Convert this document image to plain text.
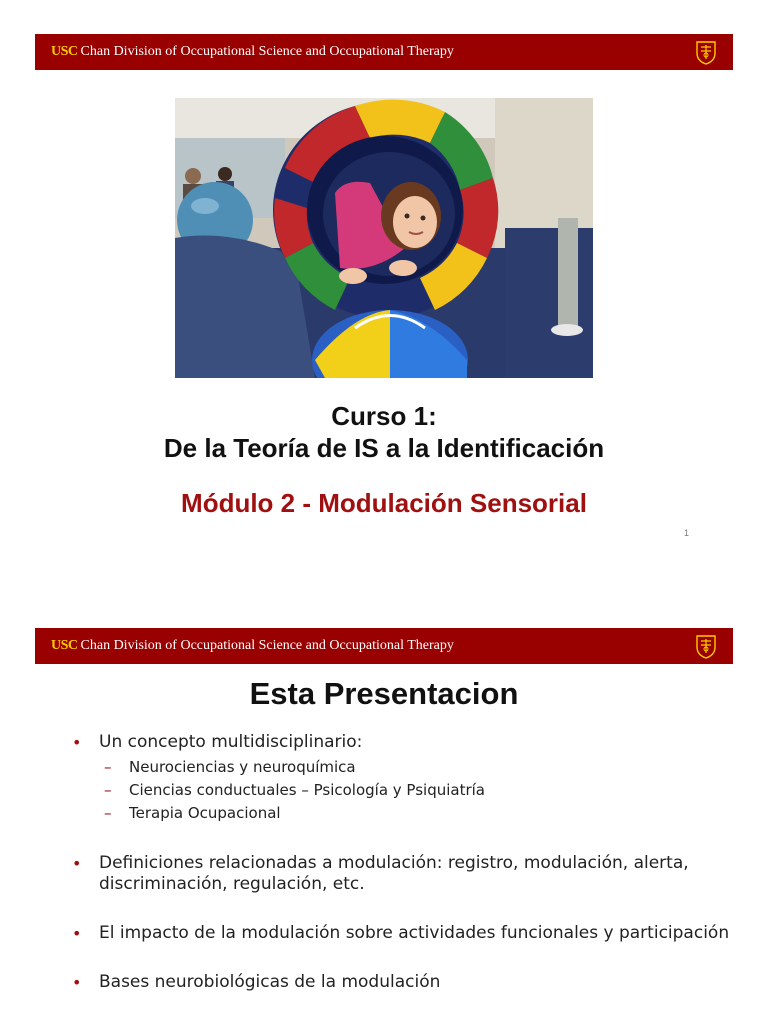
USC Chan Division of Occupational Science and Occupational Therapy
Curso 1:
De la Teoría de IS a la Identificación
Módulo 2 - Modulación Sensorial
1
USC Chan Division of Occupational Science and Occupational Therapy
Esta Presentacion
• Un concepto multidisciplinario:
– Neurociencias y neuroquímica
– Ciencias conductuales – Psicología y Psiquiatría
– Terapia Ocupacional
• Definiciones relacionadas a modulación: registro, modulación, alerta, discriminación, regulación, etc.
• El impacto de la modulación sobre actividades funcionales y participación
• Bases neurobiológicas de la modulación
